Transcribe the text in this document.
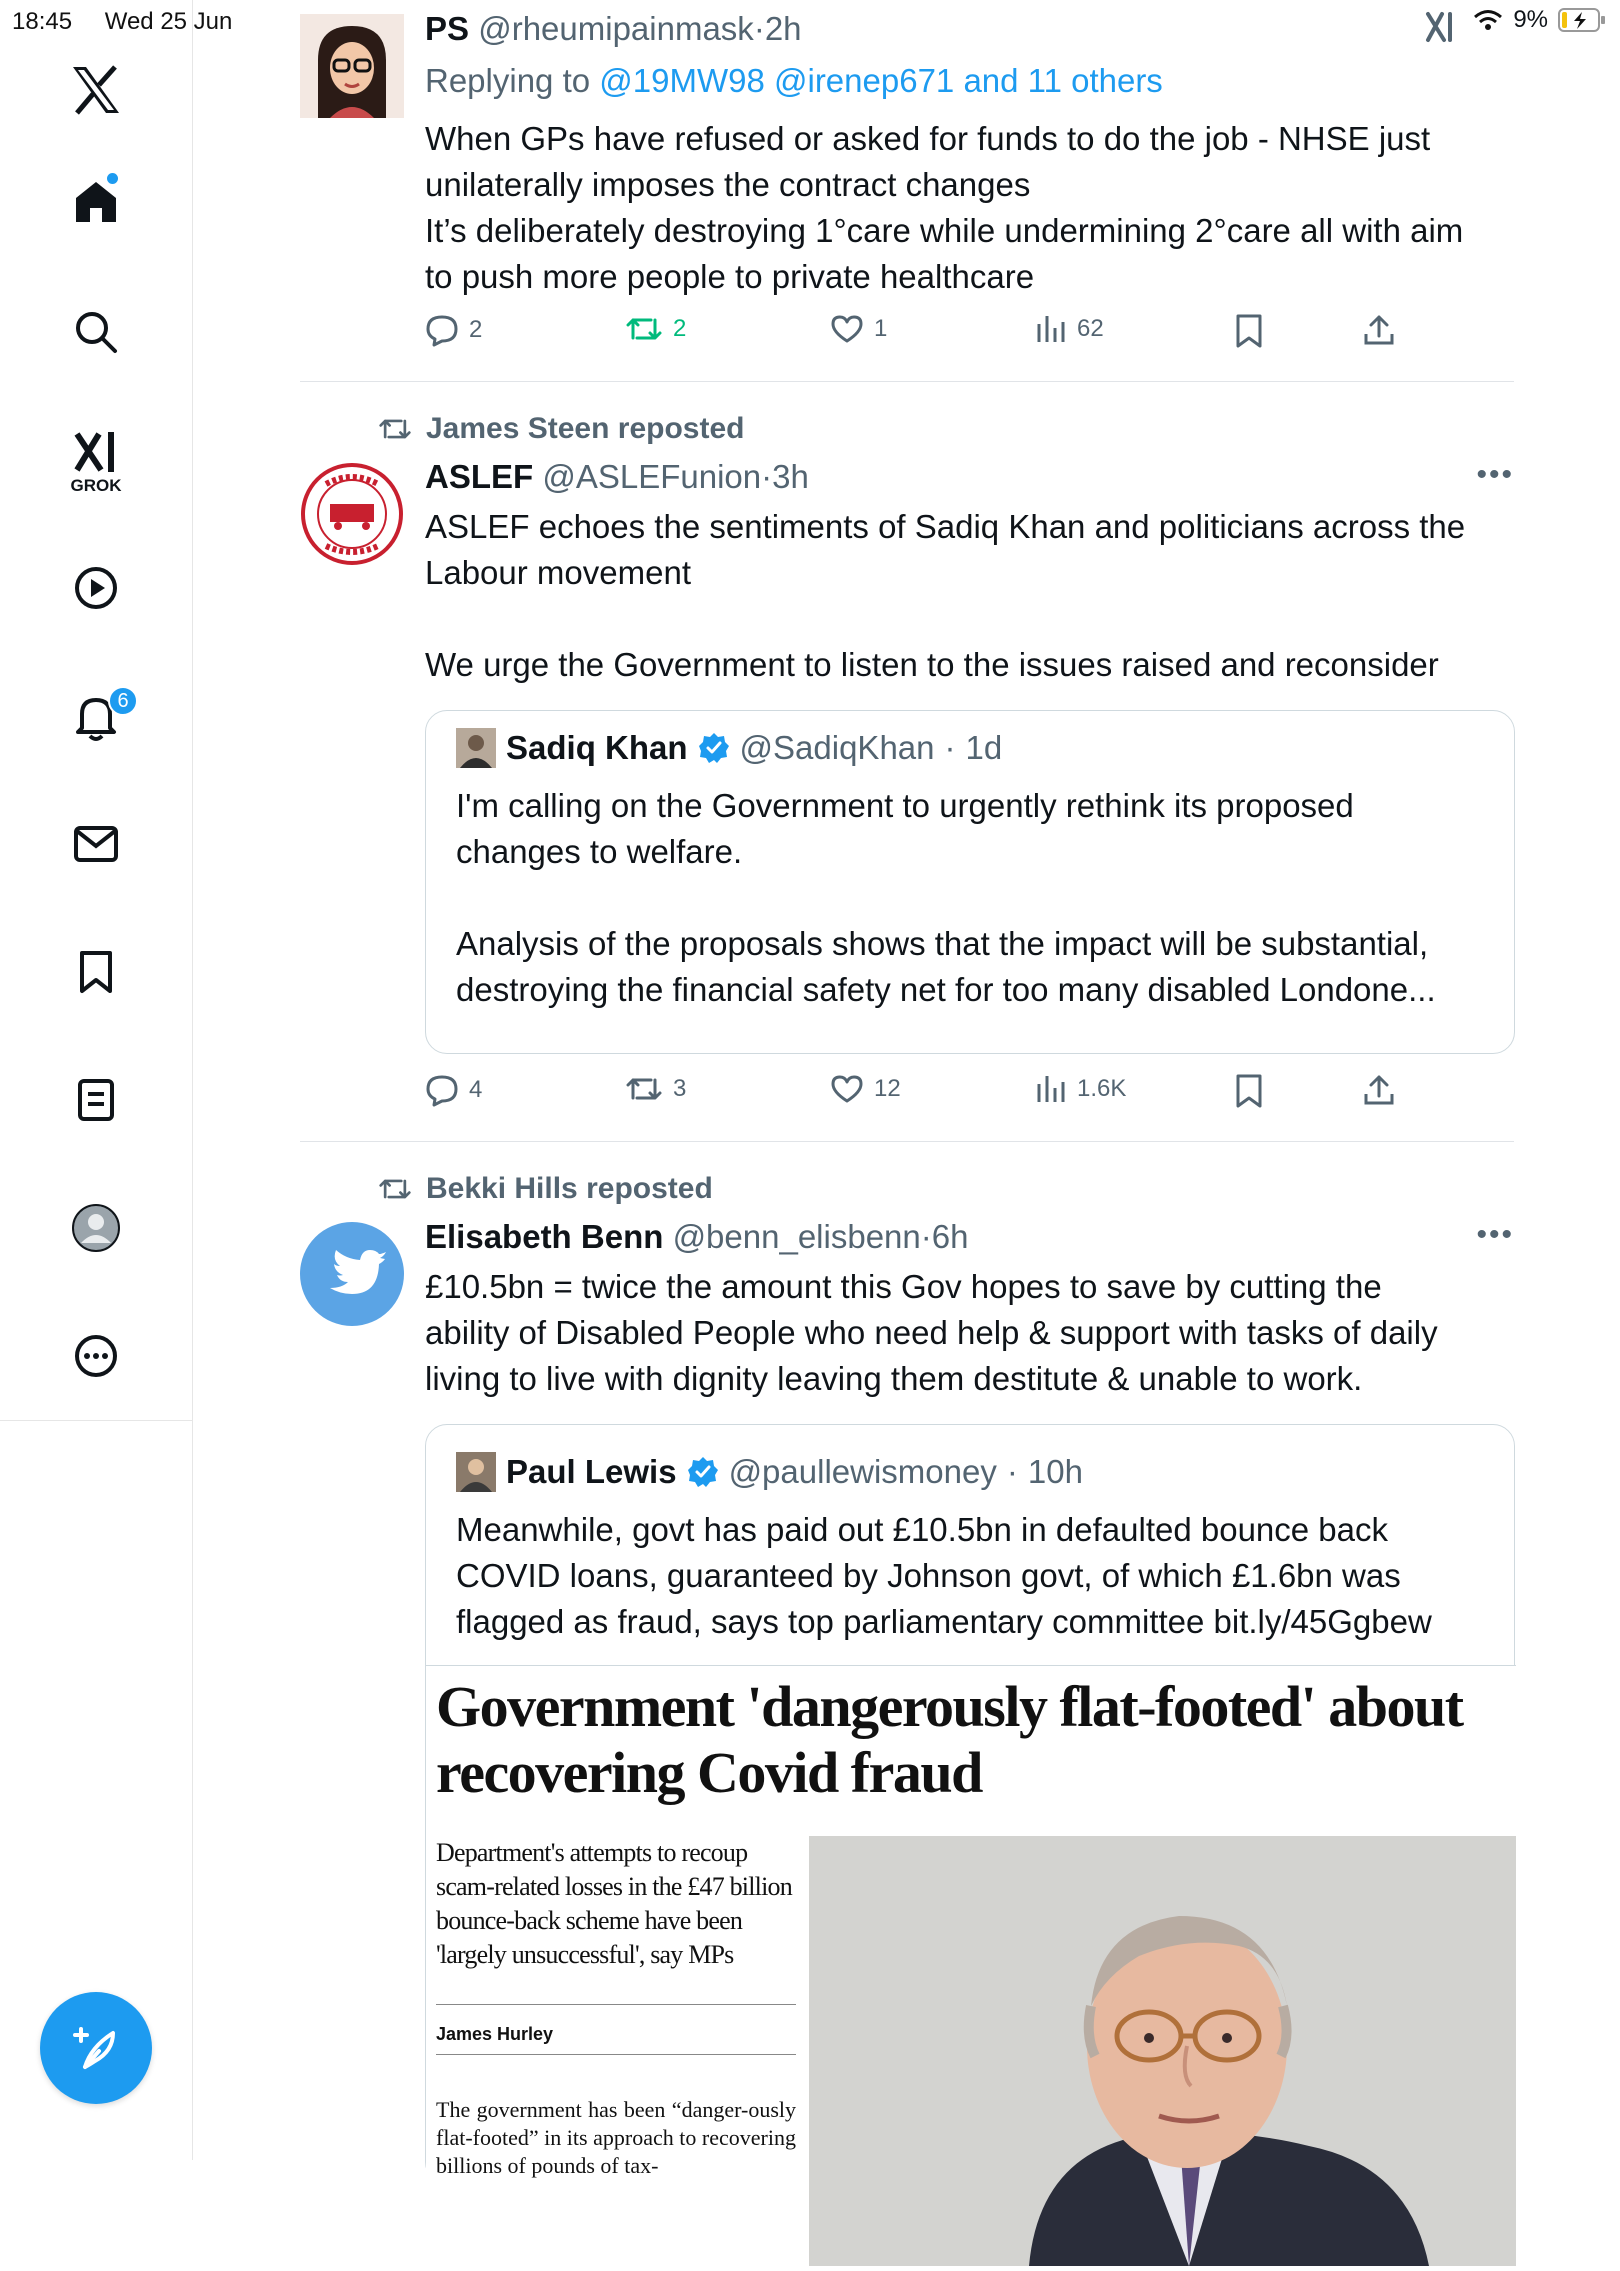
18:45 Wed 25 Jun	9%
GROK
6
PS @rheumipainmask·2h
Replying to @19MW98 @irenep671 and 11 others
When GPs have refused or asked for funds to do the job - NHSE just
unilaterally imposes the contract changes
It’s deliberately destroying 1°care while undermining 2°care all with aim
to push more people to private healthcare
2	2	1	62
James Steen reposted
•••
ASLEF @ASLEFunion·3h
ASLEF echoes the sentiments of Sadiq Khan and politicians across the
Labour movement
We urge the Government to listen to the issues raised and reconsider
Sadiq Khan @SadiqKhan · 1d
I'm calling on the Government to urgently rethink its proposed
changes to welfare.
Analysis of the proposals shows that the impact will be substantial,
destroying the financial safety net for too many disabled Londone...
4	3	12	1.6K
Bekki Hills reposted
•••
Elisabeth Benn @benn_elisbenn·6h
£10.5bn = twice the amount this Gov hopes to save by cutting the
ability of Disabled People who need help & support with tasks of daily
living to live with dignity leaving them destitute & unable to work.
Paul Lewis @paullewismoney · 10h
Meanwhile, govt has paid out £10.5bn in defaulted bounce back
COVID loans, guaranteed by Johnson govt, of which £1.6bn was
flagged as fraud, says top parliamentary committee bit.ly/45Ggbew
Government 'dangerously flat-footed' about recovering Covid fraud
Department's attempts to recoup scam-related losses in the £47 billion bounce-back scheme have been 'largely unsuccessful', say MPs
James Hurley
The government has been “danger-ously flat-footed” in its approach to recovering billions of pounds of tax-
